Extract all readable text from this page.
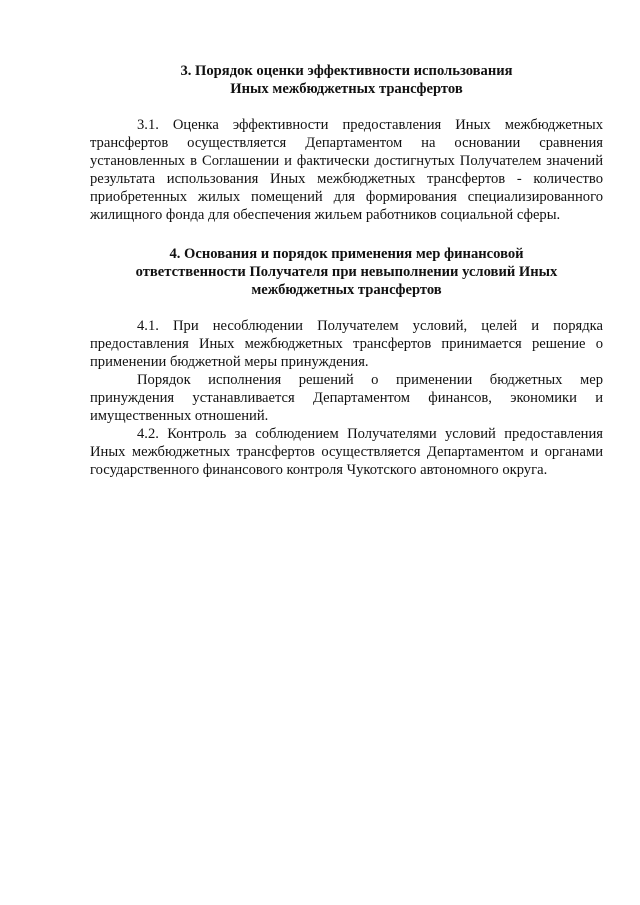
3. Порядок оценки эффективности использования
Иных межбюджетных трансфертов

3.1. Оценка эффективности предоставления Иных межбюджетных трансфертов осуществляется Департаментом на основании сравнения установленных в Соглашении и фактически достигнутых Получателем значений результата использования Иных межбюджетных трансфертов - количество приобретенных жилых помещений для формирования специализированного жилищного фонда для обеспечения жильем работников социальной сферы.

4. Основания и порядок применения мер финансовой
ответственности Получателя при невыполнении условий Иных
межбюджетных трансфертов

4.1. При несоблюдении Получателем условий, целей и порядка предоставления Иных межбюджетных трансфертов принимается решение о применении бюджетной меры принуждения.

Порядок исполнения решений о применении бюджетных мер принуждения устанавливается Департаментом финансов, экономики и имущественных отношений.

4.2. Контроль за соблюдением Получателями условий предоставления Иных межбюджетных трансфертов осуществляется Департаментом и органами государственного финансового контроля Чукотского автономного округа.
